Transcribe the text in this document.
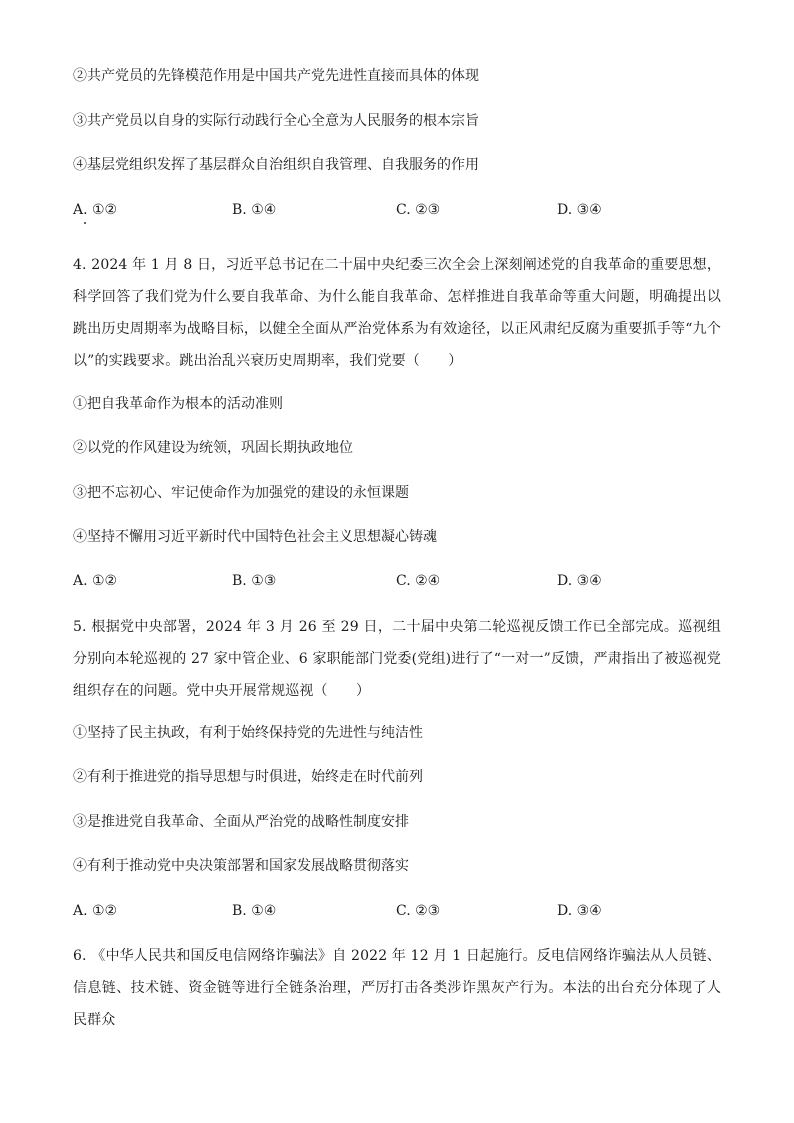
②共产党员的先锋模范作用是中国共产党先进性直接而具体的体现
③共产党员以自身的实际行动践行全心全意为人民服务的根本宗旨
④基层党组织发挥了基层群众自治组织自我管理、自我服务的作用
A. ①②	B. ①④	C. ②③	D. ③④
4. 2024 年 1 月 8 日，习近平总书记在二十届中央纪委三次全会上深刻阐述党的自我革命的重要思想，科学回答了我们党为什么要自我革命、为什么能自我革命、怎样推进自我革命等重大问题，明确提出以跳出历史周期率为战略目标，以健全全面从严治党体系为有效途径，以正风肃纪反腐为重要抓手等“九个以”的实践要求。跳出治乱兴衰历史周期率，我们党要（　　）
①把自我革命作为根本的活动准则
②以党的作风建设为统领，巩固长期执政地位
③把不忘初心、牢记使命作为加强党的建设的永恒课题
④坚持不懈用习近平新时代中国特色社会主义思想凝心铸魂
A. ①②	B. ①③	C. ②④	D. ③④
5. 根据党中央部署，2024 年 3 月 26 至 29 日，二十届中央第二轮巡视反馈工作已全部完成。巡视组分别向本轮巡视的 27 家中管企业、6 家职能部门党委(党组)进行了“一对一”反馈，严肃指出了被巡视党组织存在的问题。党中央开展常规巡视（　　）
①坚持了民主执政，有利于始终保持党的先进性与纯洁性
②有利于推进党的指导思想与时俱进，始终走在时代前列
③是推进党自我革命、全面从严治党的战略性制度安排
④有利于推动党中央决策部署和国家发展战略贯彻落实
A. ①②	B. ①④	C. ②③	D. ③④
6. 《中华人民共和国反电信网络诈骗法》自 2022 年 12 月 1 日起施行。反电信网络诈骗法从人员链、信息链、技术链、资金链等进行全链条治理，严厉打击各类涉诈黑灰产行为。本法的出台充分体现了人民群众
